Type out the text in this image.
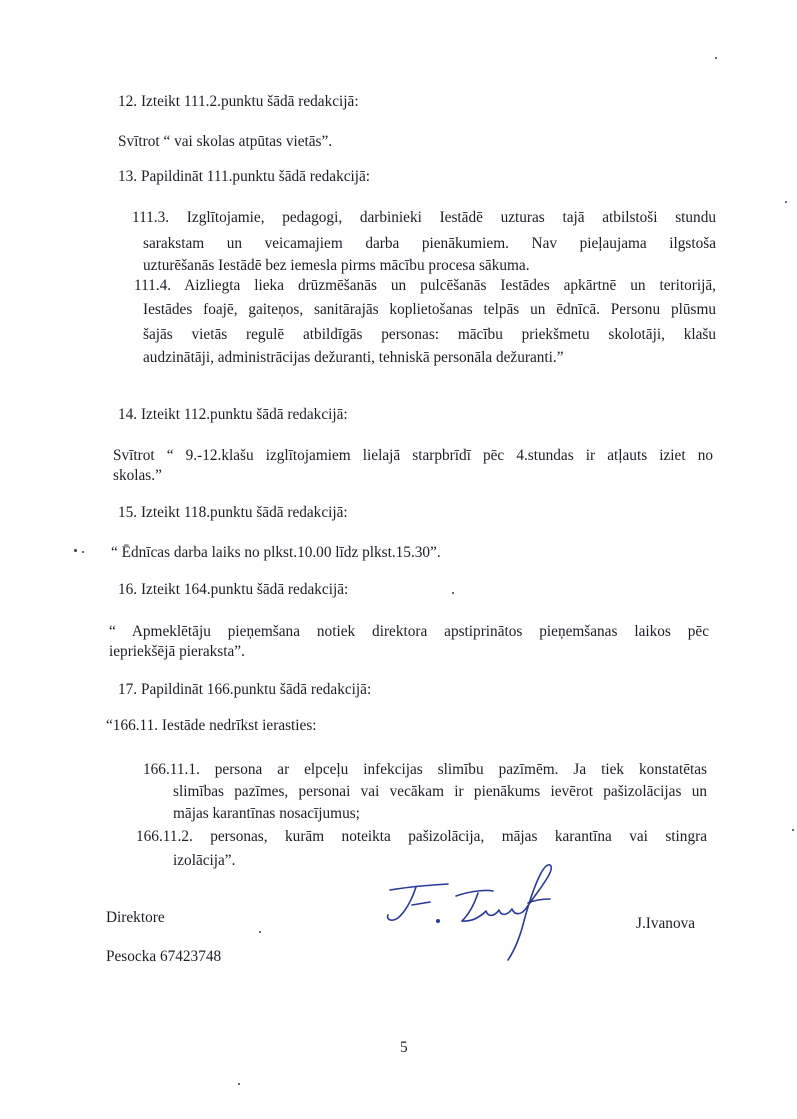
12. Izteikt 111.2.punktu šādā redakcijā:

Svītrot “ vai skolas atpūtas vietās”.

13. Papildināt 111.punktu šādā redakcijā:

111.3. Izglītojamie, pedagogi, darbinieki Iestādē uzturas tajā atbilstoši stundu

sarakstam un veicamajiem darba pienākumiem. Nav pieļaujama ilgstoša

uzturēšanās Iestādē bez iemesla pirms mācību procesa sākuma.

111.4. Aizliegta lieka drūzmēšanās un pulcēšanās Iestādes apkārtnē un teritorijā,

Iestādes foajē, gaiteņos, sanitārajās koplietošanas telpās un ēdnīcā. Personu plūsmu

šajās vietās regulē atbildīgās personas: mācību priekšmetu skolotāji, klašu

audzinātāji, administrācijas dežuranti, tehniskā personāla dežuranti.”

14. Izteikt 112.punktu šādā redakcijā:

Svītrot “ 9.-12.klašu izglītojamiem lielajā starpbrīdī pēc 4.stundas ir atļauts iziet no

skolas.”

15. Izteikt 118.punktu šādā redakcijā:

“ Ēdnīcas darba laiks no plkst.10.00 līdz plkst.15.30”.

16. Izteikt 164.punktu šādā redakcijā:

“ Apmeklētāju pieņemšana notiek direktora apstiprinātos pieņemšanas laikos pēc

iepriekšējā pieraksta”.

17. Papildināt 166.punktu šādā redakcijā:

“166.11. Iestāde nedrīkst ierasties:

166.11.1. persona ar elpceļu infekcijas slimību pazīmēm. Ja tiek konstatētas

slimības pazīmes, personai vai vecākam ir pienākums ievērot pašizolācijas un

mājas karantīnas nosacījumus;

166.11.2. personas, kurām noteikta pašizolācija, mājas karantīna vai stingra

izolācija”.

Direktore	J.Ivanova

Pesocka 67423748

5
